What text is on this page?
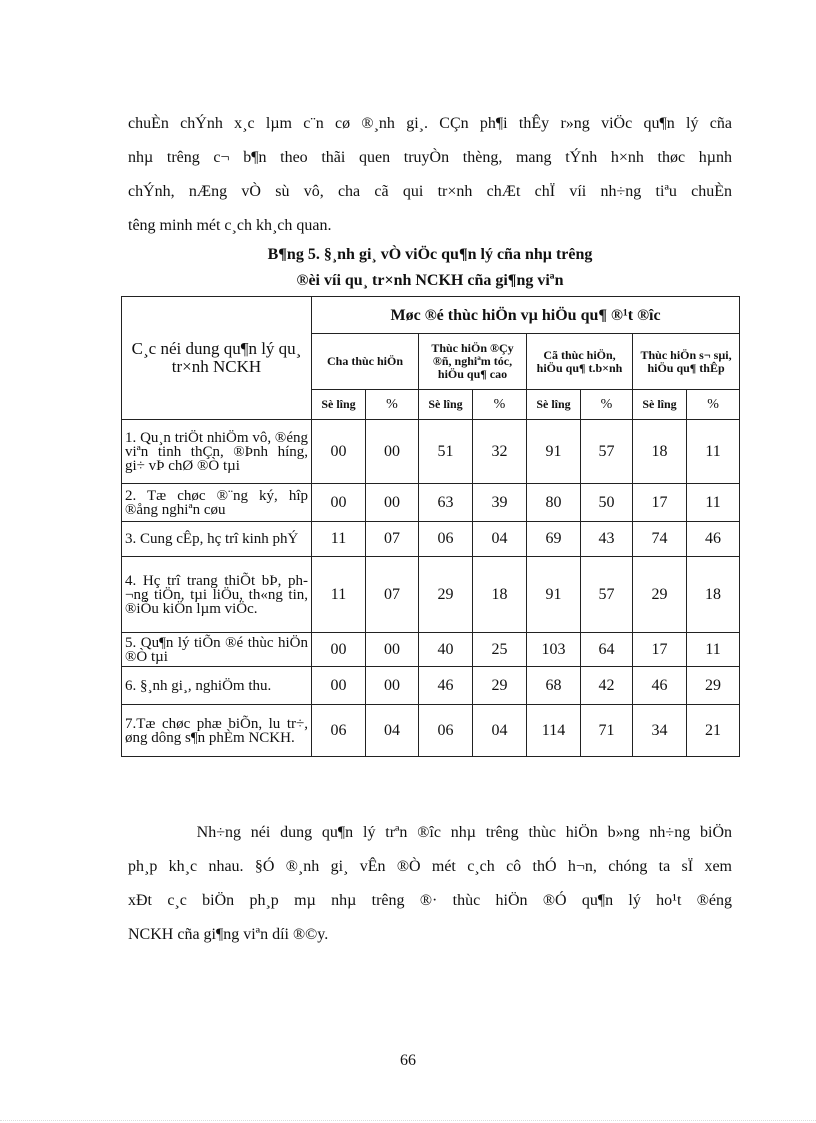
chuÈn chÝnh x¸c lµm c¨n cø ®¸nh gi¸. CÇn ph¶i thÊy r»ng viÖc qu¶n lý cña
nhµ trêng c¬ b¶n theo thãi quen truyÒn thèng, mang tÝnh h×nh thøc hµnh
chÝnh, nÆng vÒ sù vô, cha cã qui tr×nh chÆt chÏ víi nh÷ng tiªu chuÈn
têng minh mét c¸ch kh¸ch quan.
B¶ng 5. §¸nh gi¸ vÒ viÖc qu¶n lý cña nhµ trêng
®èi víi qu¸ tr×nh NCKH cña gi¶ng viªn
C¸c néi dung qu¶n lý qu¸ tr×nh NCKH	Møc ®é thùc hiÖn vµ hiÖu qu¶ ®¹t ®îc							
	Cha thùc hiÖn		Thùc hiÖn ®Çy ®ñ, nghiªm tóc, hiÖu qu¶ cao		Cã thùc hiÖn, hiÖu qu¶ t.b×nh		Thùc hiÖn s¬ sµi, hiÖu qu¶ thÊp	
	Sè lîng	%	Sè lîng	%	Sè lîng	%	Sè lîng	%
1. Qu¸n triÖt nhiÖm vô, ®éng viªn tinh thÇn, ®Þnh híng, gi÷ vÞ chØ ®Ò tµi	00	00	51	32	91	57	18	11
2. Tæ chøc ®¨ng ký, hîp ®ång nghiªn cøu	00	00	63	39	80	50	17	11
3. Cung cÊp, hç trî kinh phÝ	11	07	06	04	69	43	74	46
4. Hç trî trang thiÕt bÞ, ph¬ng tiÖn, tµi liÖu, th«ng tin, ®iÒu kiÖn lµm viÖc.	11	07	29	18	91	57	29	18
5. Qu¶n lý tiÕn ®é thùc hiÖn ®Ò tµi	00	00	40	25	103	64	17	11
6. §¸nh gi¸, nghiÖm thu.	00	00	46	29	68	42	46	29
7.Tæ chøc phæ biÕn, lu tr÷, øng dông s¶n phÈm NCKH.	06	04	06	04	114	71	34	21
Nh÷ng néi dung qu¶n lý trªn ®îc nhµ trêng thùc hiÖn b»ng nh÷ng biÖn
ph¸p kh¸c nhau. §Ó ®¸nh gi¸ vÊn ®Ò mét c¸ch cô thÓ h¬n, chóng ta sÏ xem
xÐt c¸c biÖn ph¸p mµ nhµ trêng ®· thùc hiÖn ®Ó qu¶n lý ho¹t ®éng
NCKH cña gi¶ng viªn díi ®©y.
66
